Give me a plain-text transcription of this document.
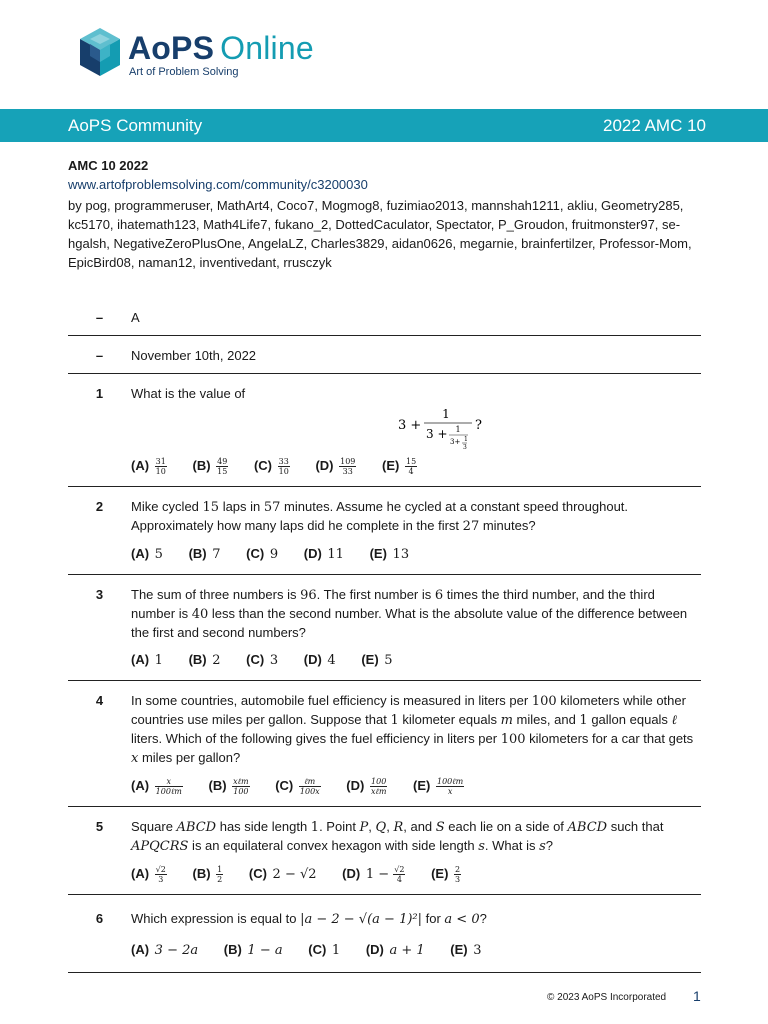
AoPS Online
Art of Problem Solving
AoPS Community	2022 AMC 10
AMC 10 2022
www.artofproblemsolving.com/community/c3200030
by pog, programmeruser, MathArt4, Coco7, Mogmog8, fuzimiao2013, mannshah1211, akliu, Geometry285, kc5170, ihatemath123, Math4Life7, fukano_2, DottedCaculator, Spectator, P_Groudon, fruitmonster97, se-hgalsh, NegativeZeroPlusOne, AngelaLZ, Charles3829, aidan0626, megarnie, brainfertilzer, Professor-Mom, EpicBird08, naman12, inventivedant, rrusczyk
–	A
–	November 10th, 2022
1	What is the value of
3 +
1
3 + 1
3+ 1
3
?
$(A) \frac{31}{10} (B) \frac{49}{15} (C) \frac{33}{10} (D) \frac{109}{33} (E) \frac{15}{4}$
2	Mike cycled 15 laps in 57 minutes. Assume he cycled at a constant speed throughout. Approximately how many laps did he complete in the first 27 minutes?
(A) 5 (B) 7 (C) 9 (D) 11 (E) 13
3	The sum of three numbers is 96. The first number is 6 times the third number, and the third number is 40 less than the second number. What is the absolute value of the difference between the first and second numbers?
(A) 1 (B) 2 (C) 3 (D) 4 (E) 5
4	In some countries, automobile fuel efficiency is measured in liters per 100 kilometers while other countries use miles per gallon. Suppose that 1 kilometer equals m miles, and 1 gallon equals ℓ liters. Which of the following gives the fuel efficiency in liters per 100 kilometers for a car that gets x miles per gallon?
$(A) \frac{x}{\text{100ℓm}} (B) \frac{\text{xℓm}}{100} (C) \frac{\text{ℓm}}{100x} (D) \frac{100}{\text{xℓm}} (E) \frac{\text{100ℓm}}{x}$
5	Square ABCD has side length 1. Point P, Q, R, and S each lie on a side of ABCD such that APQCRS is an equilateral convex hexagon with side length s. What is s?
$(A) \frac{√2}{3} (B) \frac{1}{2} (C) 2 - √2$ (D) $1 - \frac{√2}{4} (E) \frac{2}{3}$
6	Which expression is equal to |a − 2 − √(a − 1)²| for a < 0?
(A) 3 − 2a (B) 1 − a (C) 1 (D) a + 1 (E) 3
© 2023 AoPS Incorporated 1
